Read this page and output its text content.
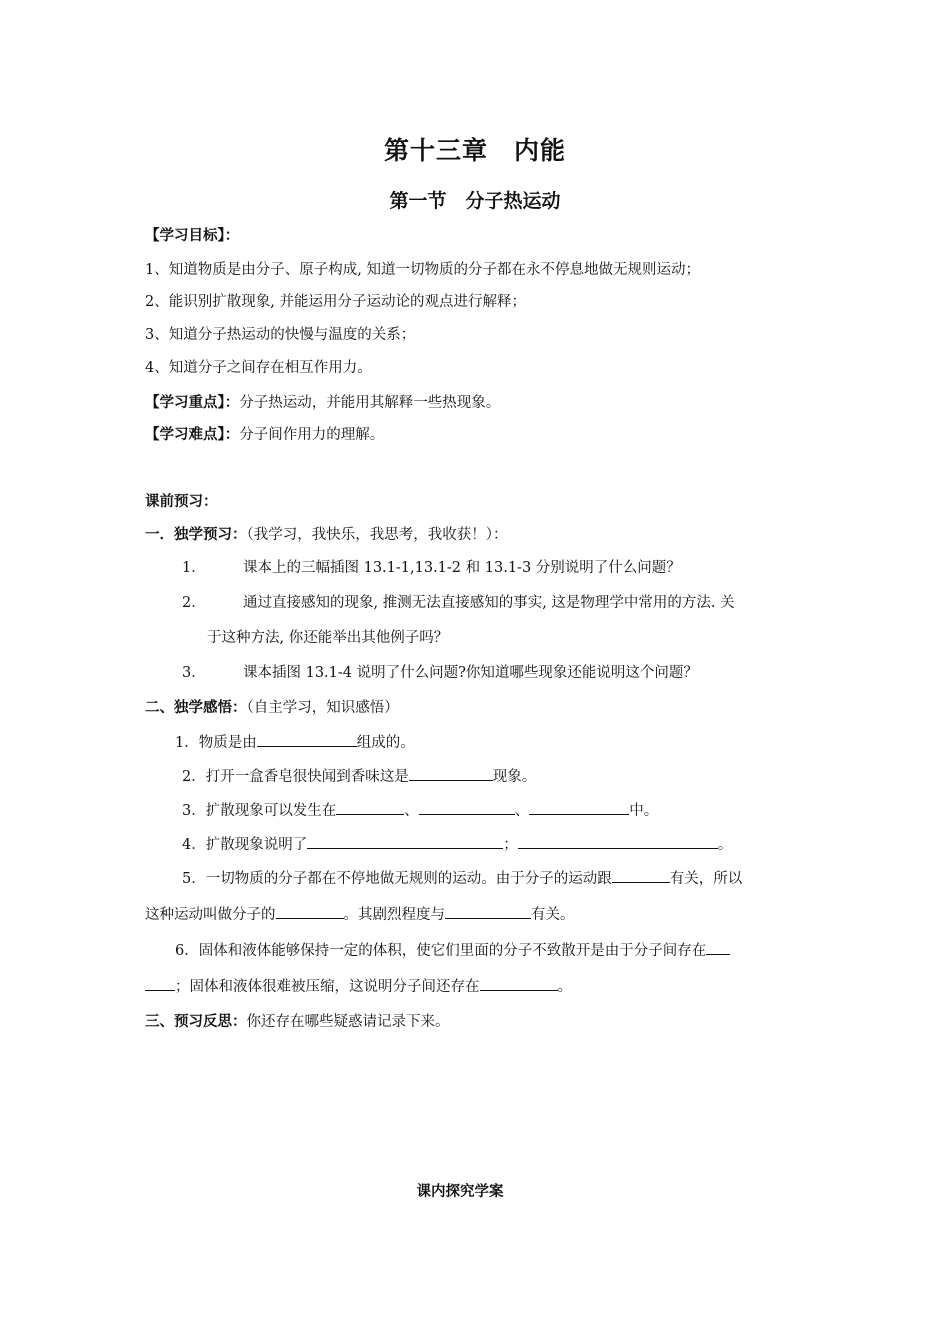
第十三章　内能
第一节　分子热运动
【学习目标】：
1、知道物质是由分子、原子构成, 知道一切物质的分子都在永不停息地做无规则运动；
2、能识别扩散现象, 并能运用分子运动论的观点进行解释；
3、知道分子热运动的快慢与温度的关系；
4、知道分子之间存在相互作用力。
【学习重点】：分子热运动，并能用其解释一些热现象。
【学习难点】：分子间作用力的理解。
课前预习：
一．独学预习：（我学习，我快乐，我思考，我收获！）：
1．	课本上的三幅插图 13.1-1,13.1-2 和 13.1-3 分别说明了什么问题？
2．	通过直接感知的现象, 推测无法直接感知的事实, 这是物理学中常用的方法. 关
于这种方法, 你还能举出其他例子吗？
3．	课本插图 13.1-4 说明了什么问题?你知道哪些现象还能说明这个问题？
二、独学感悟：（自主学习，知识感悟）
1．物质是由	组成的。
2．打开一盒香皂很快闻到香味这是	现象。
3．扩散现象可以发生在	、	、	中。
4．扩散现象说明了	；	。
5．一切物质的分子都在不停地做无规则的运动。由于分子的运动跟	有关，所以
这种运动叫做分子的	。其剧烈程度与	有关。
6．固体和液体能够保持一定的体积，使它们里面的分子不致散开是由于分子间存在
；固体和液体很难被压缩，这说明分子间还存在	。
三、预习反思：你还存在哪些疑惑请记录下来。
课内探究学案
